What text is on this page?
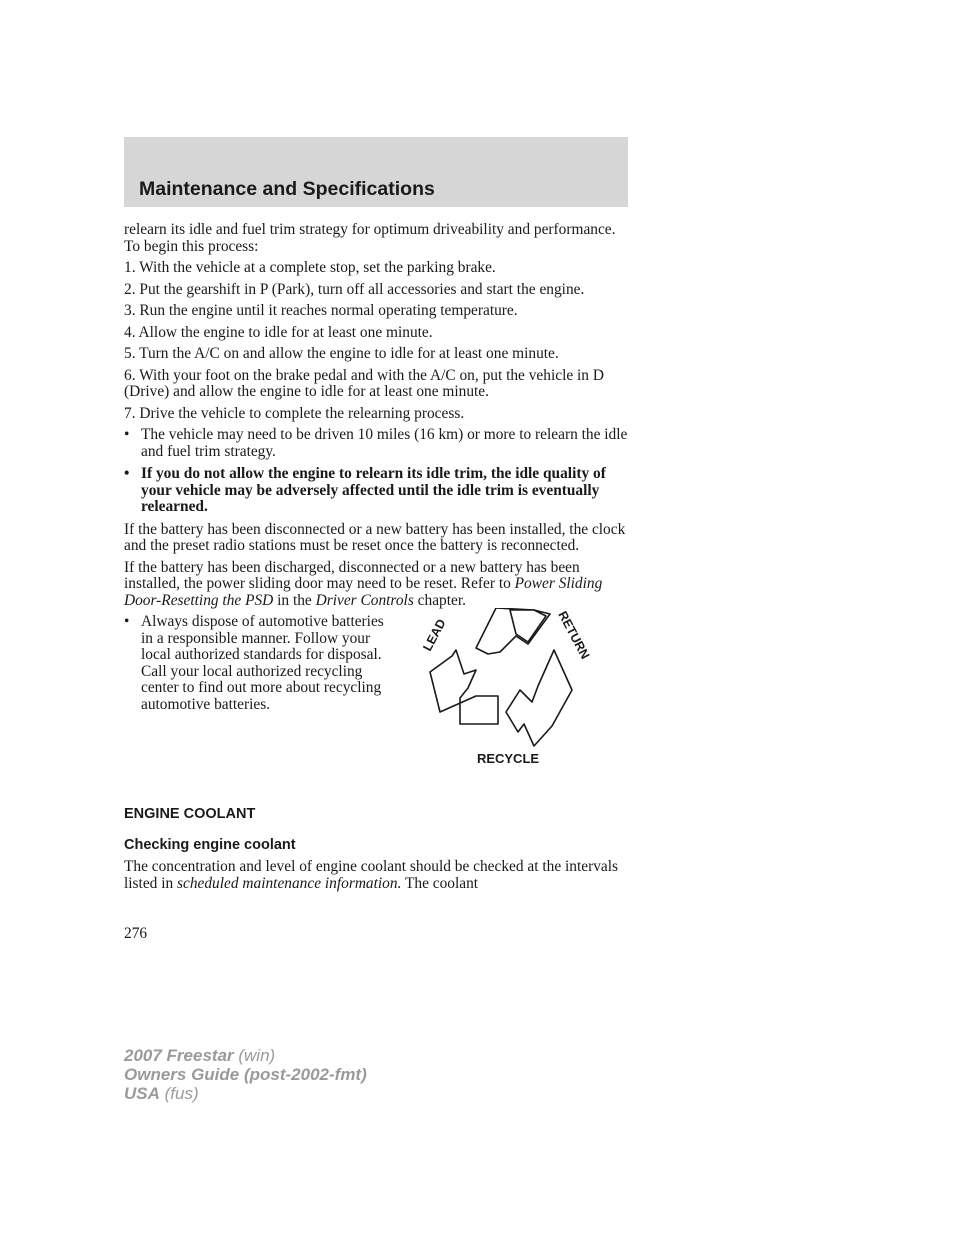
Maintenance and Specifications

relearn its idle and fuel trim strategy for optimum driveability and performance. To begin this process:

1. With the vehicle at a complete stop, set the parking brake.

2. Put the gearshift in P (Park), turn off all accessories and start the engine.

3. Run the engine until it reaches normal operating temperature.

4. Allow the engine to idle for at least one minute.

5. Turn the A/C on and allow the engine to idle for at least one minute.

6. With your foot on the brake pedal and with the A/C on, put the vehicle in D (Drive) and allow the engine to idle for at least one minute.

7. Drive the vehicle to complete the relearning process.

• The vehicle may need to be driven 10 miles (16 km) or more to relearn the idle and fuel trim strategy.
• If you do not allow the engine to relearn its idle trim, the idle quality of your vehicle may be adversely affected until the idle trim is eventually relearned.

If the battery has been disconnected or a new battery has been installed, the clock and the preset radio stations must be reset once the battery is reconnected.

If the battery has been discharged, disconnected or a new battery has been installed, the power sliding door may need to be reset. Refer to Power Sliding Door-Resetting the PSD in the Driver Controls chapter.

• Always dispose of automotive batteries in a responsible manner. Follow your local authorized standards for disposal. Call your local authorized recycling center to find out more about recycling automotive batteries.
LEAD	RETURN
RECYCLE
ENGINE COOLANT
Checking engine coolant

The concentration and level of engine coolant should be checked at the intervals listed in scheduled maintenance information. The coolant

276
2007 Freestar (win)
Owners Guide (post-2002-fmt)
USA (fus)
